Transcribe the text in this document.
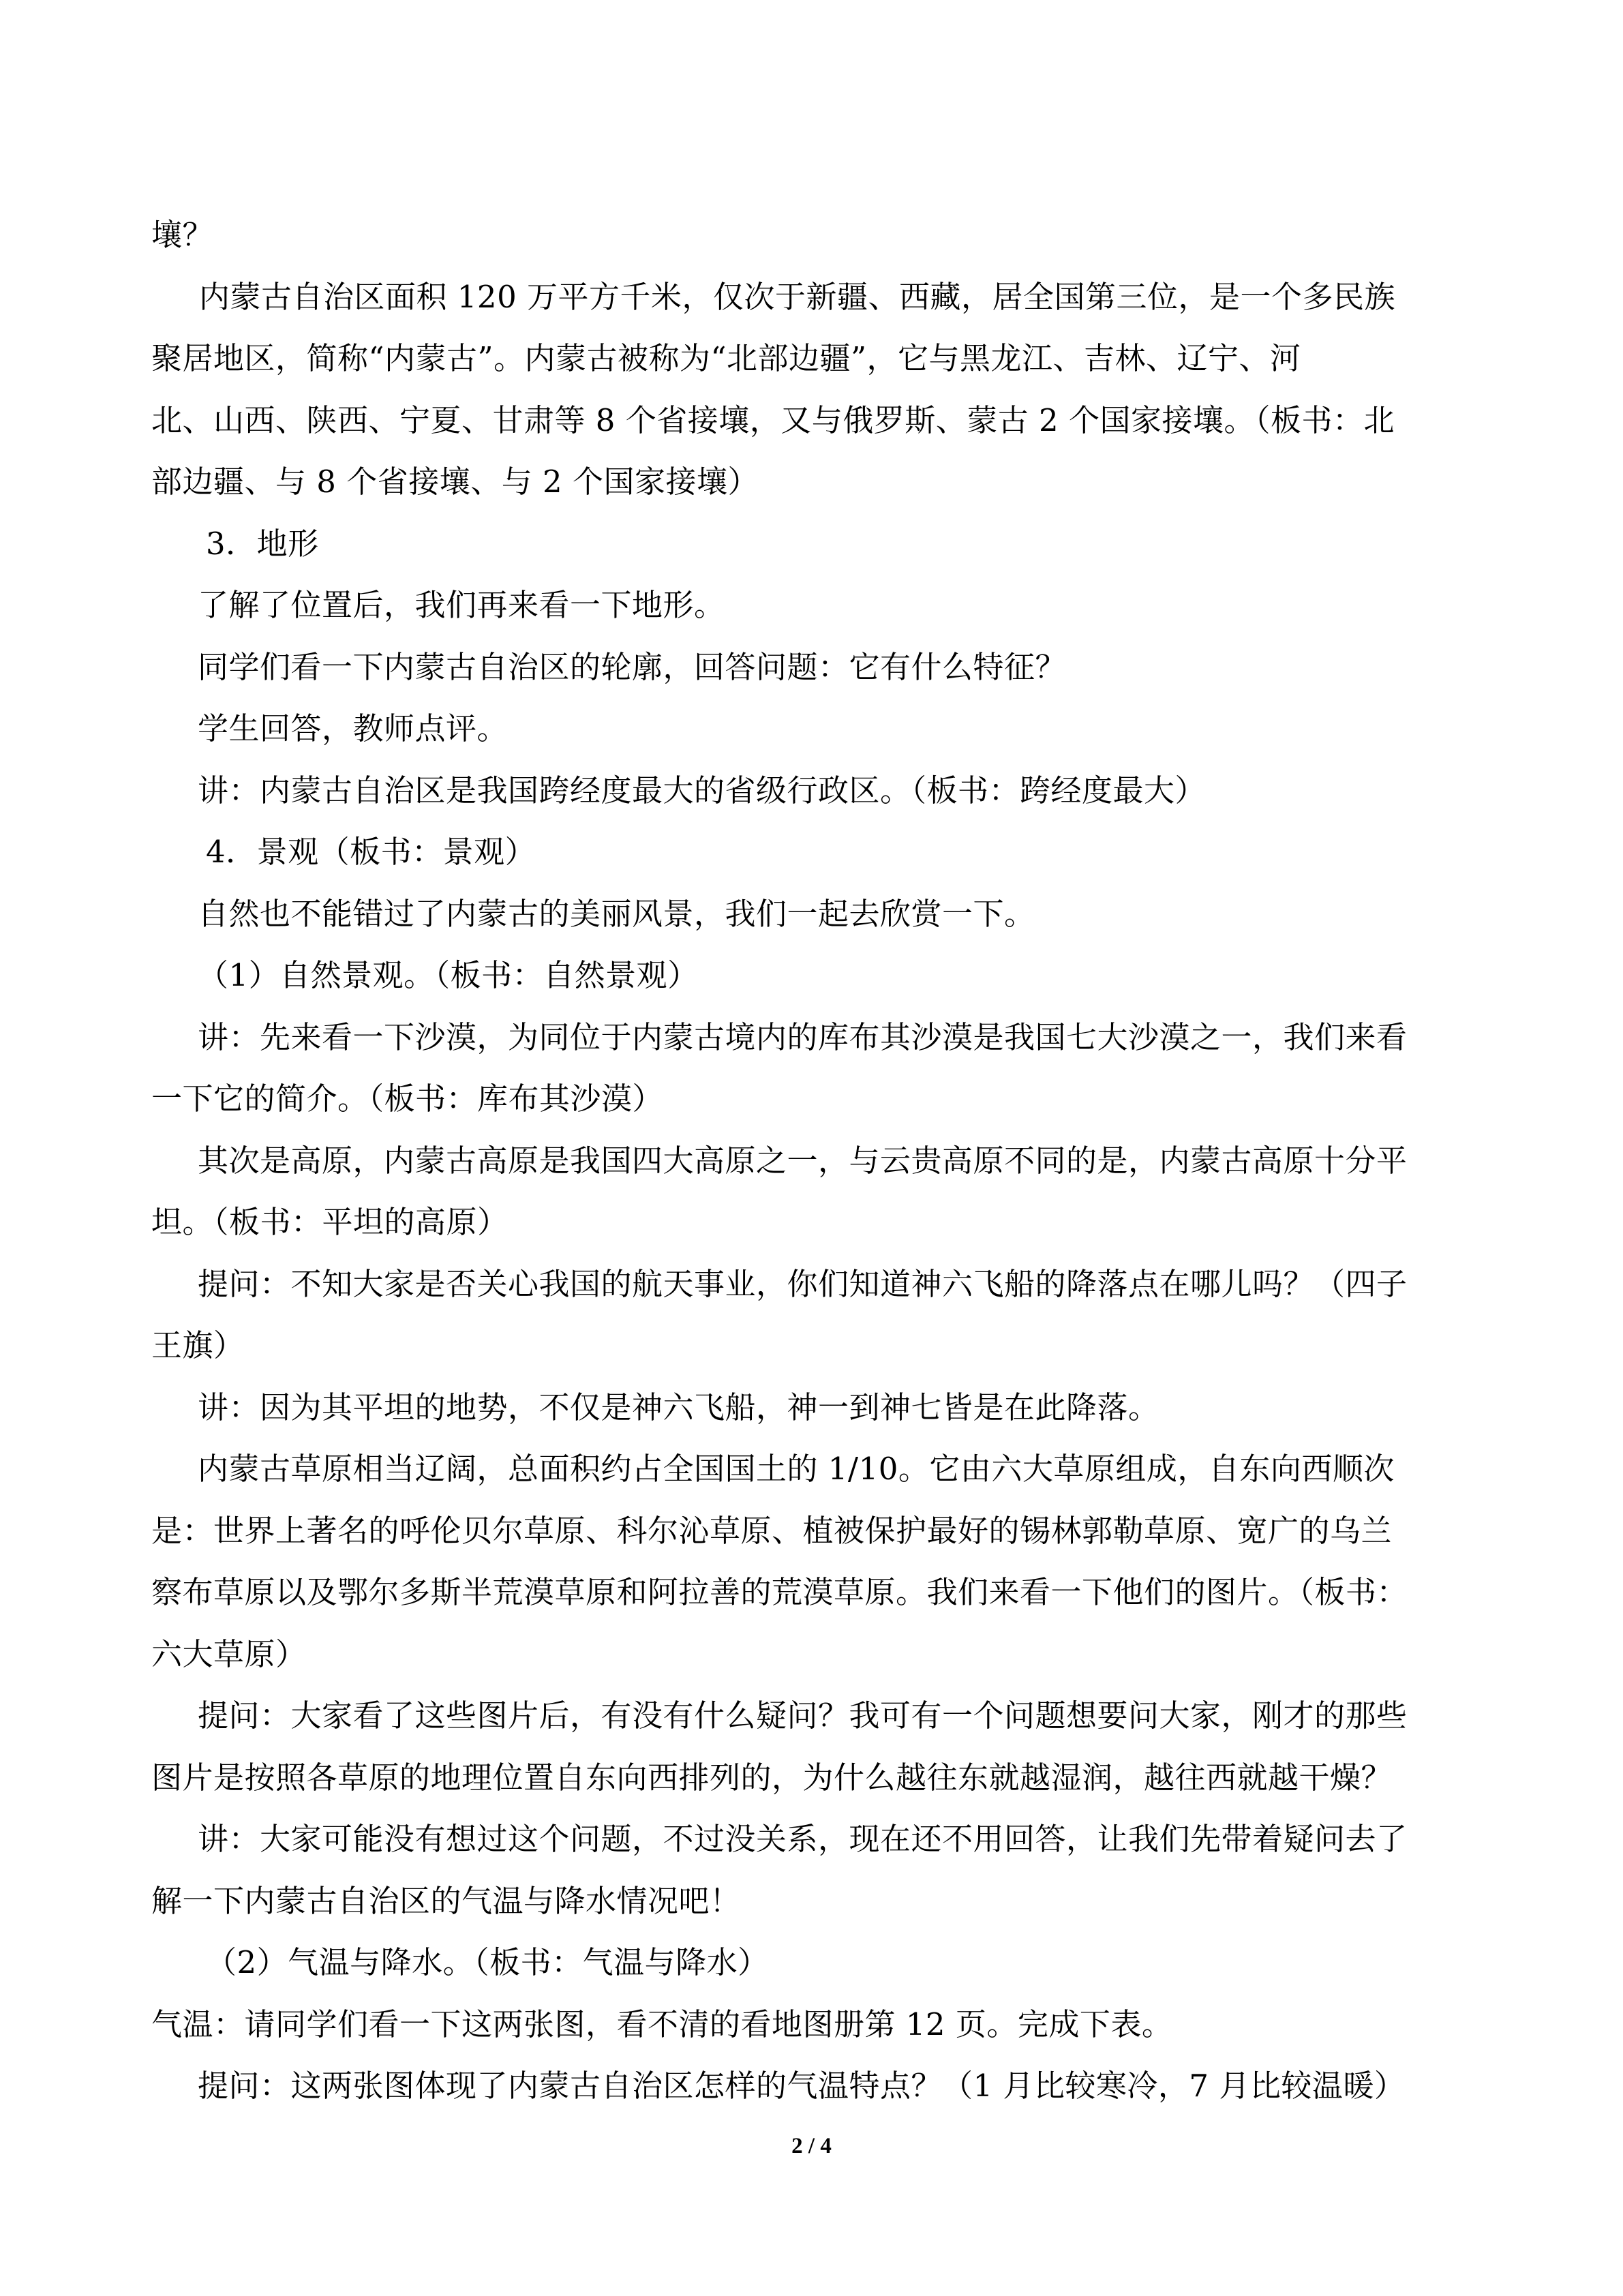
壤？
内蒙古自治区面积 120 万平方千米，仅次于新疆、西藏，居全国第三位，是一个多民族
聚居地区，简称“内蒙古”。内蒙古被称为“北部边疆”，它与黑龙江、吉林、辽宁、河
北、山西、陕西、宁夏、甘肃等 8 个省接壤，又与俄罗斯、蒙古 2 个国家接壤。（板书：北
部边疆、与 8 个省接壤、与 2 个国家接壤）
3．地形
了解了位置后，我们再来看一下地形。
同学们看一下内蒙古自治区的轮廓，回答问题：它有什么特征？
学生回答，教师点评。
讲：内蒙古自治区是我国跨经度最大的省级行政区。（板书：跨经度最大）
4．景观（板书：景观）
自然也不能错过了内蒙古的美丽风景，我们一起去欣赏一下。
（1）自然景观。（板书：自然景观）
讲：先来看一下沙漠，为同位于内蒙古境内的库布其沙漠是我国七大沙漠之一，我们来看
一下它的简介。（板书：库布其沙漠）
其次是高原，内蒙古高原是我国四大高原之一，与云贵高原不同的是，内蒙古高原十分平
坦。（板书：平坦的高原）
提问：不知大家是否关心我国的航天事业，你们知道神六飞船的降落点在哪儿吗？（四子
王旗）
讲：因为其平坦的地势，不仅是神六飞船，神一到神七皆是在此降落。
内蒙古草原相当辽阔，总面积约占全国国土的 1/10。它由六大草原组成，自东向西顺次
是：世界上著名的呼伦贝尔草原、科尔沁草原、植被保护最好的锡林郭勒草原、宽广的乌兰
察布草原以及鄂尔多斯半荒漠草原和阿拉善的荒漠草原。我们来看一下他们的图片。（板书：
六大草原）
提问：大家看了这些图片后，有没有什么疑问？我可有一个问题想要问大家，刚才的那些
图片是按照各草原的地理位置自东向西排列的，为什么越往东就越湿润，越往西就越干燥？
讲：大家可能没有想过这个问题，不过没关系，现在还不用回答，让我们先带着疑问去了
解一下内蒙古自治区的气温与降水情况吧！
（2）气温与降水。（板书：气温与降水）
气温：请同学们看一下这两张图，看不清的看地图册第 12 页。完成下表。
提问：这两张图体现了内蒙古自治区怎样的气温特点？（1 月比较寒冷，7 月比较温暖）
2 / 4
